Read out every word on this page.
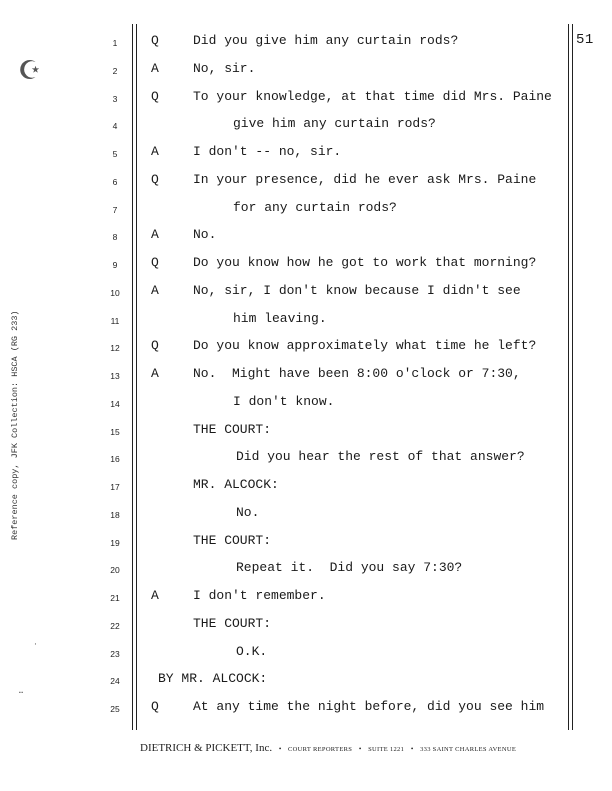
51
1	Q	Did you give him any curtain rods?
2	A	No, sir.
3	Q	To your knowledge, at that time did Mrs. Paine
4	give him any curtain rods?
5	A	I don't -- no, sir.
6	Q	In your presence, did he ever ask Mrs. Paine
7	for any curtain rods?
8	A	No.
9	Q	Do you know how he got to work that morning?
10	A	No, sir, I don't know because I didn't see
11	him leaving.
12	Q	Do you know approximately what time he left?
13	A	No.  Might have been 8:00 o'clock or 7:30,
14	I don't know.
15	THE COURT:
16	Did you hear the rest of that answer?
17	MR. ALCOCK:
18	No.
19	THE COURT:
20	Repeat it.  Did you say 7:30?
21	A	I don't remember.
22	THE COURT:
23	O.K.
24	BY MR. ALCOCK:
25	Q	At any time the night before, did you see him
Reference copy, JFK Collection: HSCA (RG 233)
☪
·
¨
DIETRICH & PICKETT, Inc. • COURT REPORTERS • SUITE 1221 • 333 SAINT CHARLES AVENUE
